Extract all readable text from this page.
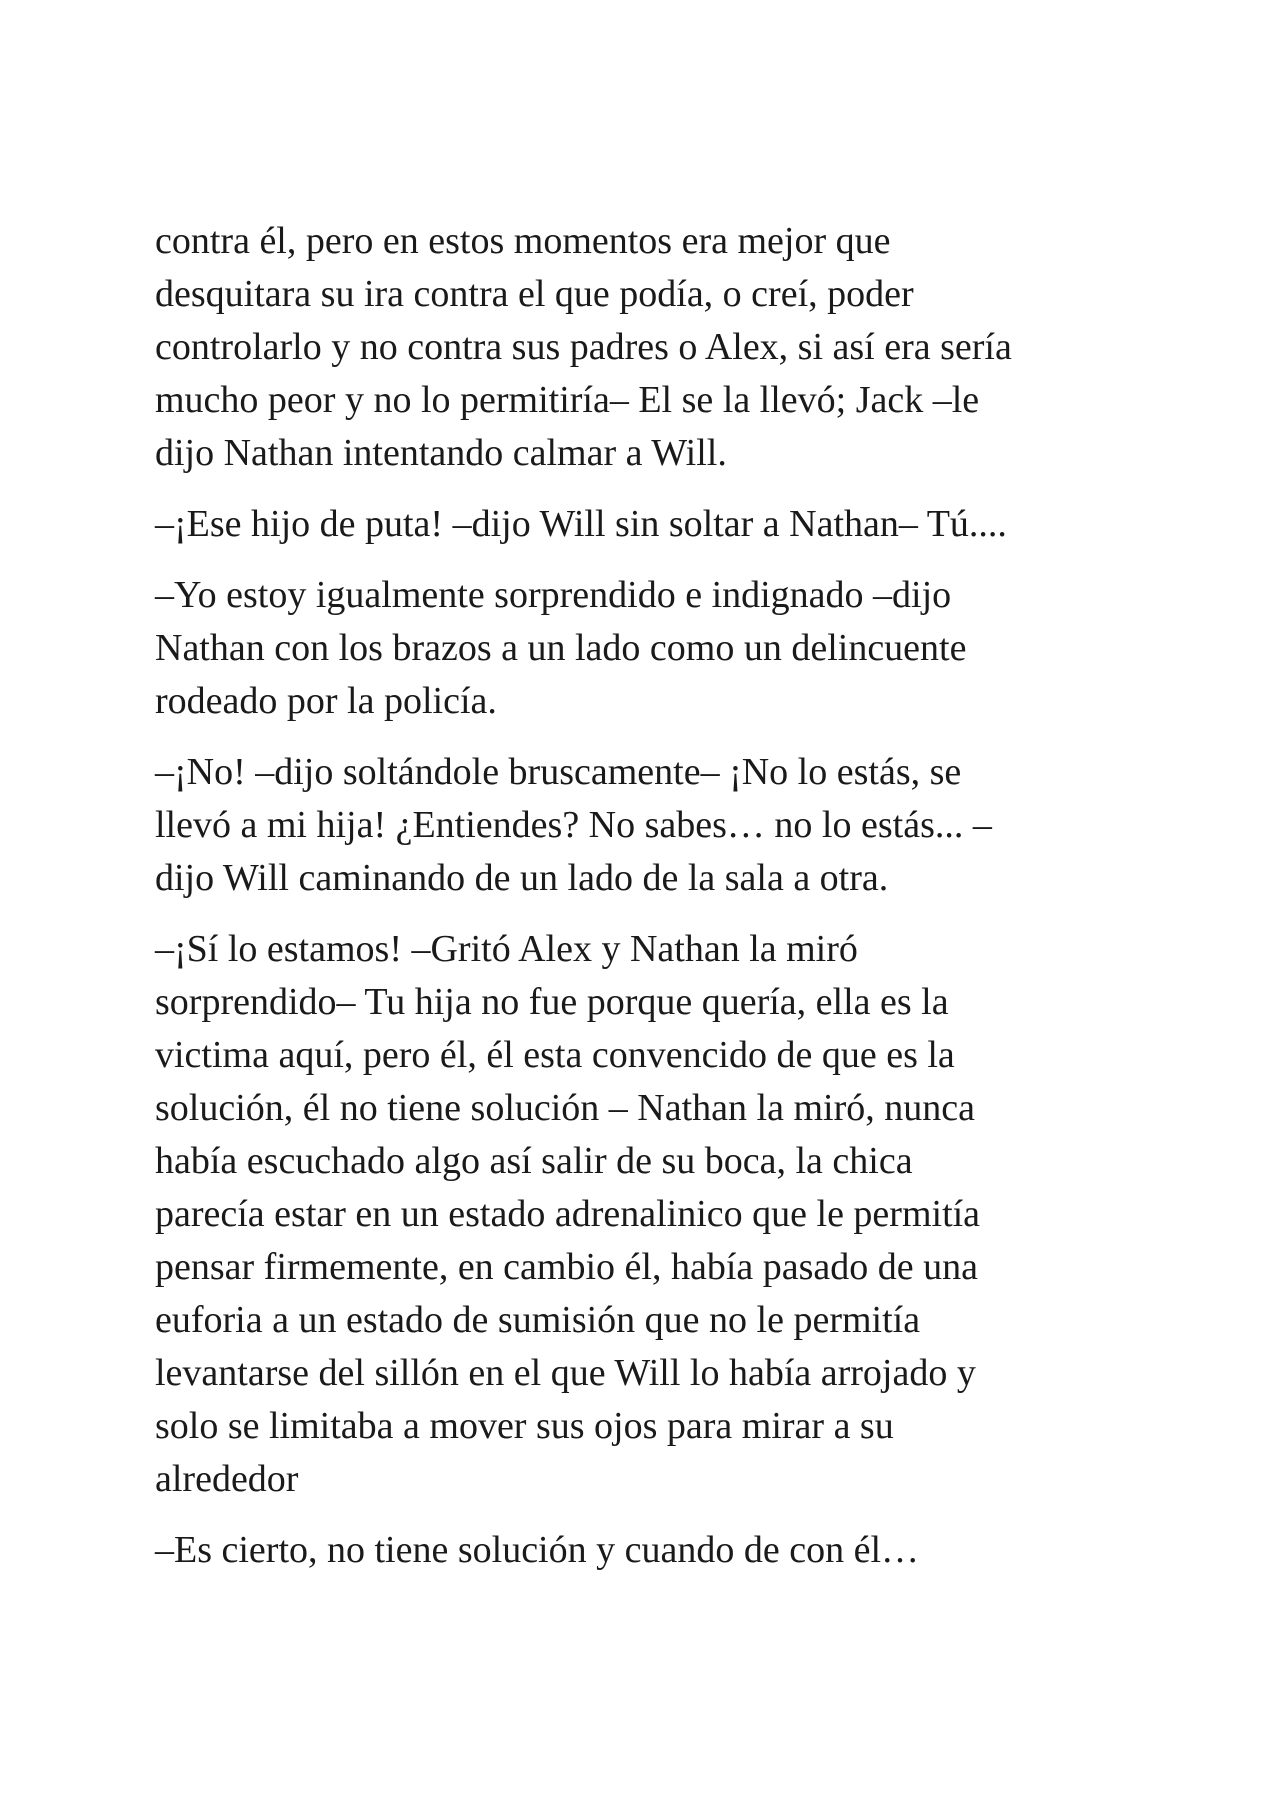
contra él, pero en estos momentos era mejor que
desquitara su ira contra el que podía, o creí, poder
controlarlo y no contra sus padres o Alex, si así era sería
mucho peor y no lo permitiría– El se la llevó; Jack –le
dijo Nathan intentando calmar a Will.

–¡Ese hijo de puta! –dijo Will sin soltar a Nathan– Tú....

–Yo estoy igualmente sorprendido e indignado –dijo
Nathan con los brazos a un lado como un delincuente
rodeado por la policía.

–¡No! –dijo soltándole bruscamente– ¡No lo estás, se
llevó a mi hija! ¿Entiendes? No sabes… no lo estás... –
dijo Will caminando de un lado de la sala a otra.

–¡Sí lo estamos! –Gritó Alex y Nathan la miró
sorprendido– Tu hija no fue porque quería, ella es la
victima aquí, pero él, él esta convencido de que es la
solución, él no tiene solución – Nathan la miró, nunca
había escuchado algo así salir de su boca, la chica
parecía estar en un estado adrenalinico que le permitía
pensar firmemente, en cambio él, había pasado de una
euforia a un estado de sumisión que no le permitía
levantarse del sillón en el que Will lo había arrojado y
solo se limitaba a mover sus ojos para mirar a su
alrededor

–Es cierto, no tiene solución y cuando de con él…
